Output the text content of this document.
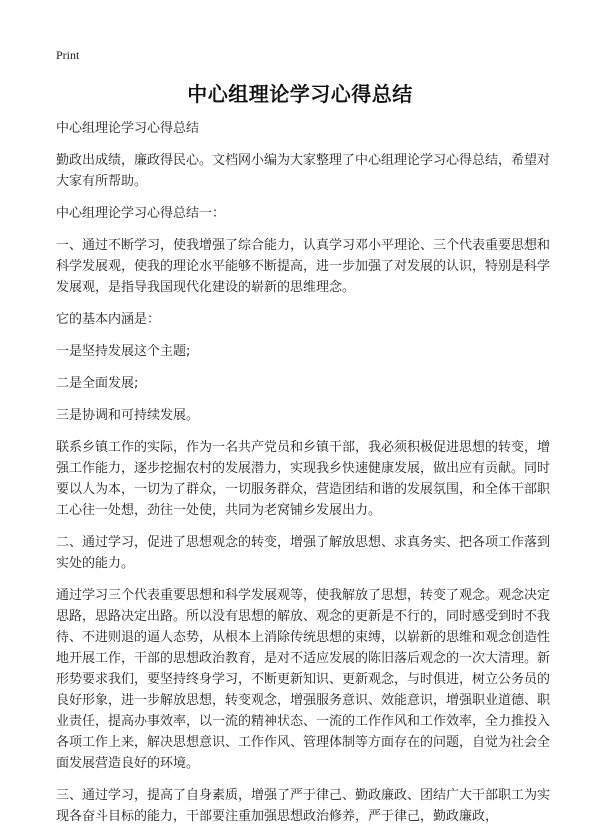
Print
中心组理论学习心得总结

中心组理论学习心得总结

勤政出成绩，廉政得民心。文档网小编为大家整理了中心组理论学习心得总结，希望对大家有所帮助。

中心组理论学习心得总结一：

一、通过不断学习，使我增强了综合能力，认真学习邓小平理论、三个代表重要思想和科学发展观，使我的理论水平能够不断提高，进一步加强了对发展的认识，特别是科学发展观，是指导我国现代化建设的崭新的思维理念。

它的基本内涵是：

一是坚持发展这个主题;

二是全面发展;

三是协调和可持续发展。

联系乡镇工作的实际，作为一名共产党员和乡镇干部，我必须积极促进思想的转变，增强工作能力，逐步挖掘农村的发展潜力，实现我乡快速健康发展，做出应有贡献。同时要以人为本，一切为了群众，一切服务群众，营造团结和谐的发展氛围，和全体干部职工心往一处想，劲往一处使，共同为老窝铺乡发展出力。

二、通过学习，促进了思想观念的转变，增强了解放思想、求真务实、把各项工作落到实处的能力。

通过学习三个代表重要思想和科学发展观等，使我解放了思想，转变了观念。观念决定思路，思路决定出路。所以没有思想的解放、观念的更新是不行的，同时感受到时不我待、不进则退的逼人态势，从根本上消除传统思想的束缚，以崭新的思维和观念创造性地开展工作，干部的思想政治教育，是对不适应发展的陈旧落后观念的一次大清理。新形势要求我们，要坚持终身学习，不断更新知识、更新观念，与时俱进，树立公务员的良好形象，进一步解放思想，转变观念，增强服务意识、效能意识，增强职业道德、职业责任，提高办事效率，以一流的精神状态、一流的工作作风和工作效率，全力推投入各项工作上来，解决思想意识、工作作风、管理体制等方面存在的问题，自觉为社会全面发展营造良好的环境。

三、通过学习，提高了自身素质，增强了严于律己、勤政廉政、团结广大干部职工为实现各奋斗目标的能力，干部要注重加强思想政治修养，严于律己，勤政廉政，
